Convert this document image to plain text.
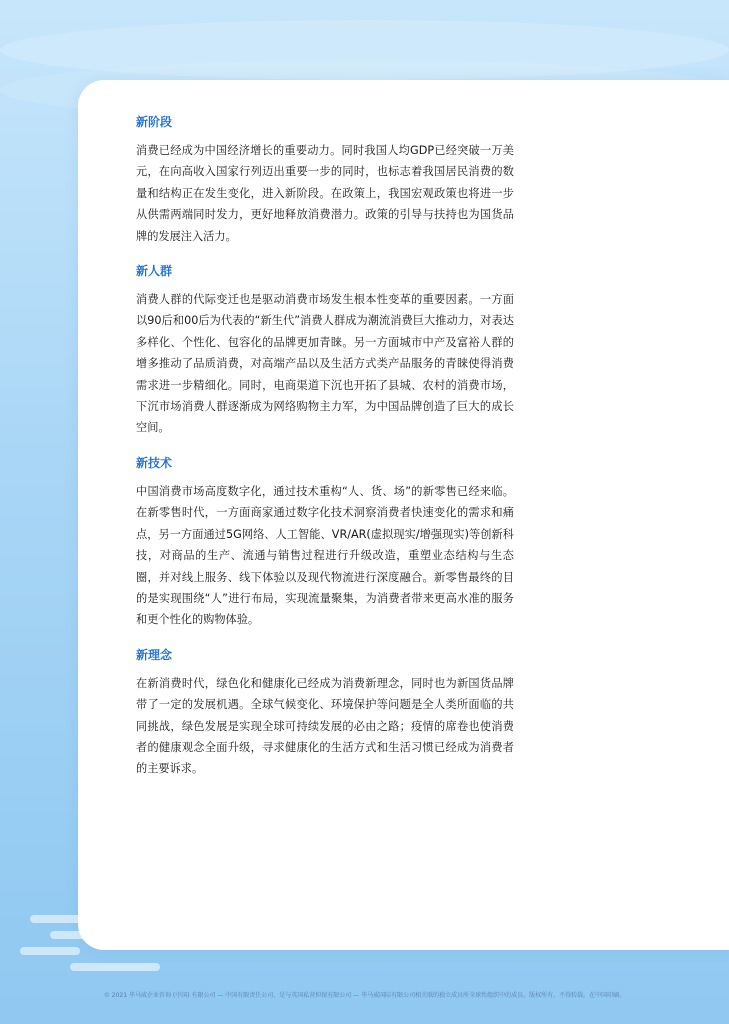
新阶段

消费已经成为中国经济增长的重要动力。同时我国人均GDP已经突破一万美元，在向高收入国家行列迈出重要一步的同时，也标志着我国居民消费的数量和结构正在发生变化，进入新阶段。在政策上，我国宏观政策也将进一步从供需两端同时发力，更好地释放消费潜力。政策的引导与扶持也为国货品牌的发展注入活力。

新人群

消费人群的代际变迁也是驱动消费市场发生根本性变革的重要因素。一方面以90后和00后为代表的“新生代”消费人群成为潮流消费巨大推动力，对表达多样化、个性化、包容化的品牌更加青睐。另一方面城市中产及富裕人群的增多推动了品质消费，对高端产品以及生活方式类产品服务的青睐使得消费需求进一步精细化。同时，电商渠道下沉也开拓了县城、农村的消费市场，下沉市场消费人群逐渐成为网络购物主力军，为中国品牌创造了巨大的成长空间。

新技术

中国消费市场高度数字化，通过技术重构“人、货、场”的新零售已经来临。在新零售时代，一方面商家通过数字化技术洞察消费者快速变化的需求和痛点，另一方面通过5G网络、人工智能、VR/AR(虚拟现实/增强现实)等创新科技，对商品的生产、流通与销售过程进行升级改造，重塑业态结构与生态圈，并对线上服务、线下体验以及现代物流进行深度融合。新零售最终的目的是实现围绕“人”进行布局，实现流量聚集，为消费者带来更高水准的服务和更个性化的购物体验。

新理念

在新消费时代，绿色化和健康化已经成为消费新理念，同时也为新国货品牌带了一定的发展机遇。全球气候变化、环境保护等问题是全人类所面临的共同挑战，绿色发展是实现全球可持续发展的必由之路；疫情的席卷也使消费者的健康观念全面升级，寻求健康化的生活方式和生活习惯已经成为消费者的主要诉求。

© 2021 毕马威企业咨询 (中国) 有限公司 — 中国有限责任公司，是与英国私营担保有限公司 — 毕马威国际有限公司相关联的独立成员所全球性组织中的成员。版权所有，不得转载。在中国印刷。
